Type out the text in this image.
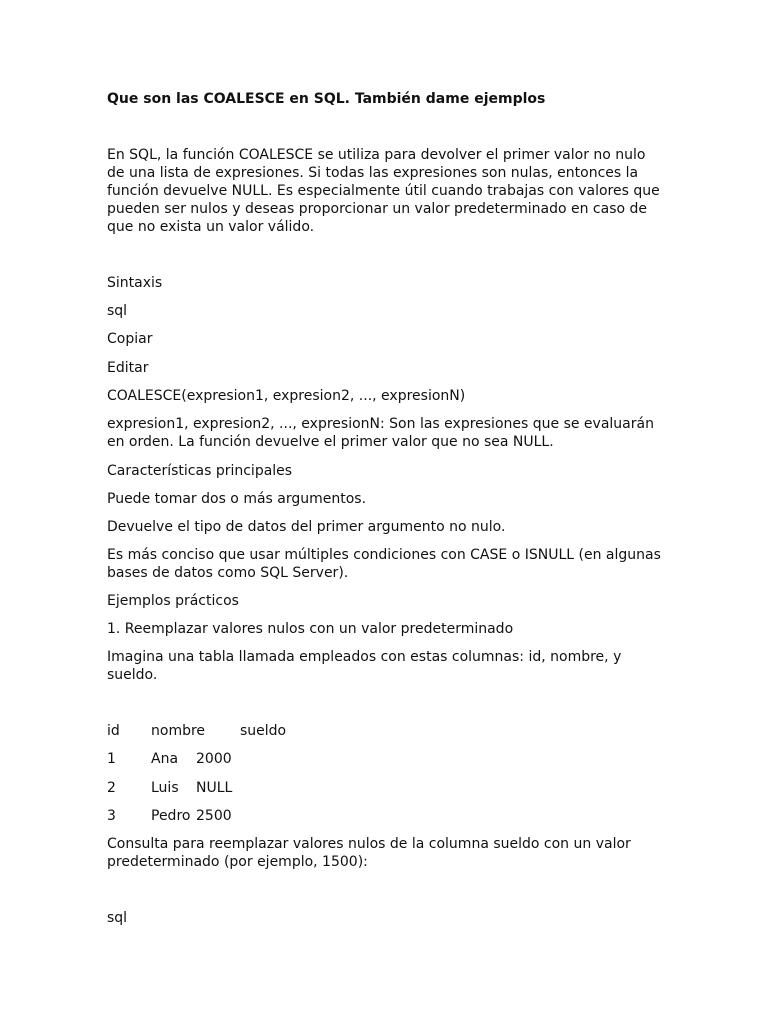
Que son las COALESCE en SQL. También dame ejemplos

En SQL, la función COALESCE se utiliza para devolver el primer valor no nulo de una lista de expresiones. Si todas las expresiones son nulas, entonces la función devuelve NULL. Es especialmente útil cuando trabajas con valores que pueden ser nulos y deseas proporcionar un valor predeterminado en caso de que no exista un valor válido.

Sintaxis
sql
Copiar
Editar
COALESCE(expresion1, expresion2, ..., expresionN)

expresion1, expresion2, ..., expresionN: Son las expresiones que se evaluarán en orden. La función devuelve el primer valor que no sea NULL.

Características principales
Puede tomar dos o más argumentos.
Devuelve el tipo de datos del primer argumento no nulo.

Es más conciso que usar múltiples condiciones con CASE o ISNULL (en algunas bases de datos como SQL Server).

Ejemplos prácticos
1. Reemplazar valores nulos con un valor predeterminado

Imagina una tabla llamada empleados con estas columnas: id, nombre, y sueldo.

id nombre sueldo
1	Ana 2000
2	Luis NULL
3	Pedro 2500

Consulta para reemplazar valores nulos de la columna sueldo con un valor predeterminado (por ejemplo, 1500):

sql
